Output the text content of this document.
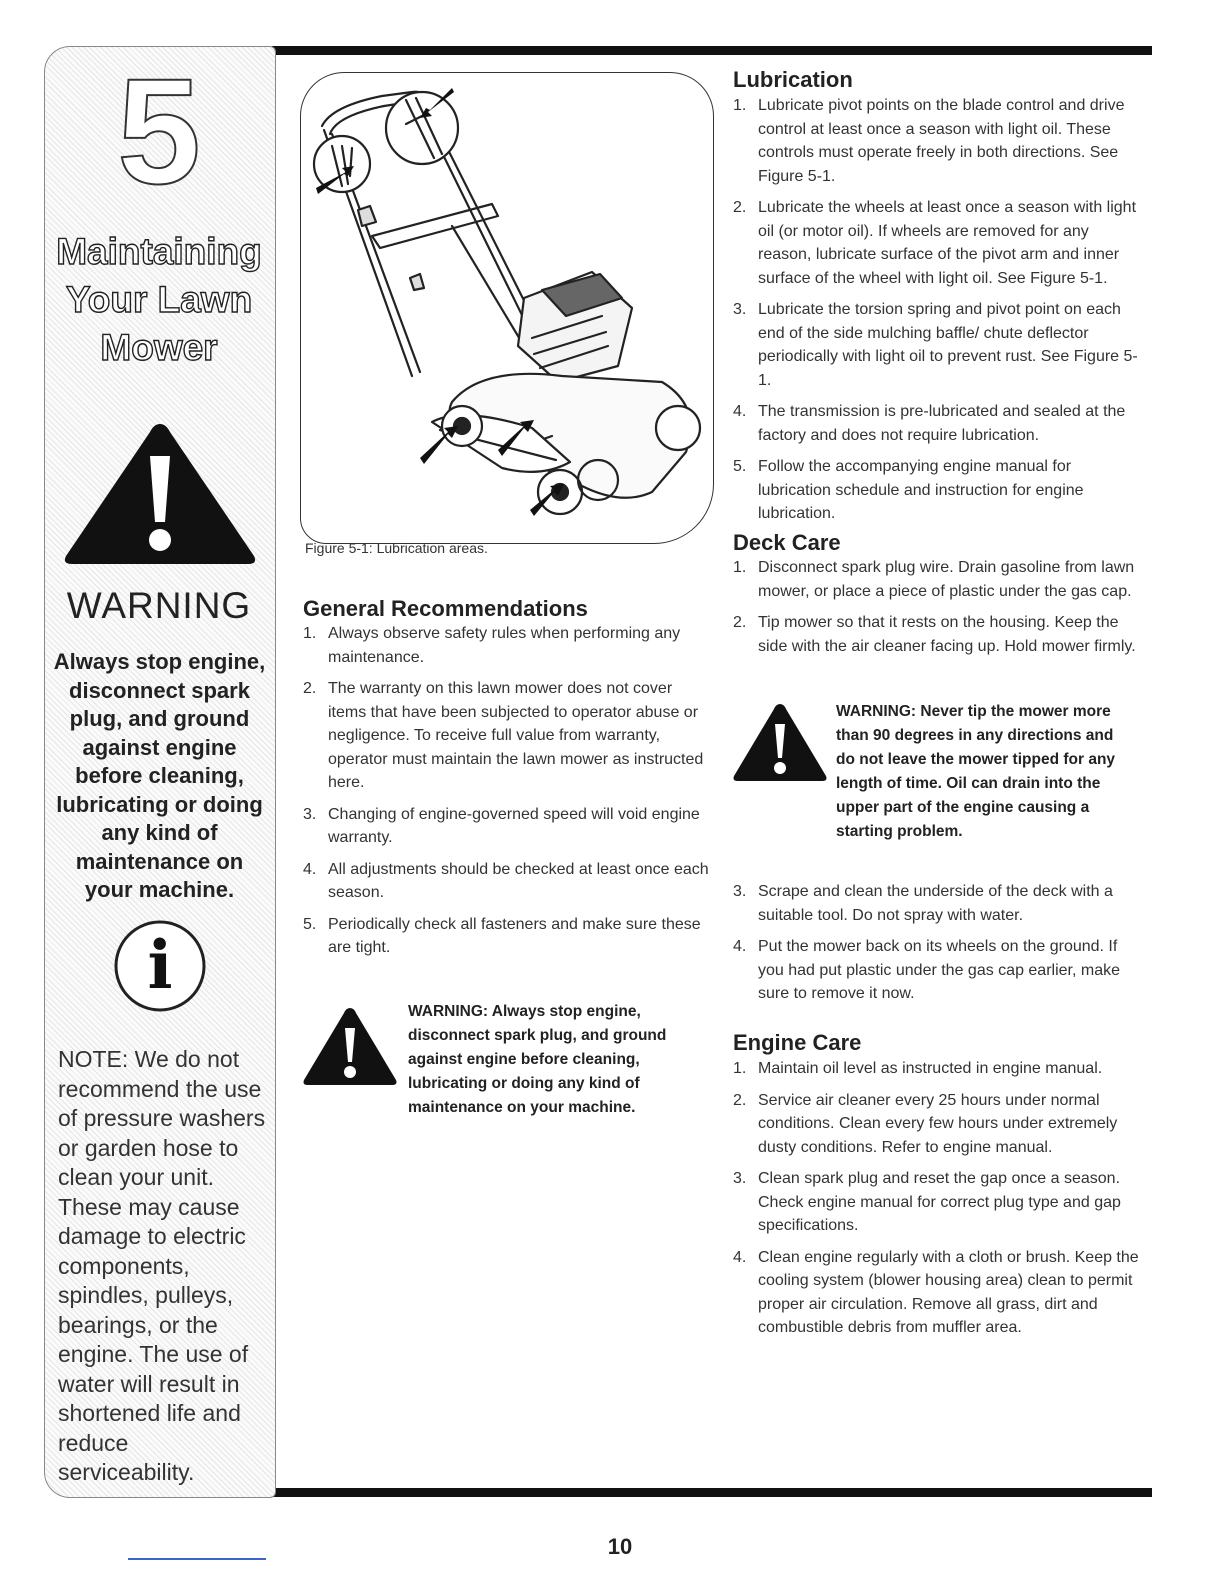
5
Maintaining
Your Lawn
Mower
WARNING
Always stop engine, disconnect spark plug, and ground against engine before cleaning, lubricating or doing any kind of maintenance on your machine.
i
NOTE: We do not recommend the use of pressure washers or garden hose to clean your unit. These may cause damage to electric components, spindles, pulleys, bearings, or the engine. The use of water will result in shortened life and reduce serviceability.
Figure 5-1: Lubrication areas.
General Recommendations
1. Always observe safety rules when performing any maintenance.
2. The warranty on this lawn mower does not cover items that have been subjected to operator abuse or negligence. To receive full value from warranty, operator must maintain the lawn mower as instructed here.
3. Changing of engine-governed speed will void engine warranty.
4. All adjustments should be checked at least once each season.
5. Periodically check all fasteners and make sure these are tight.
WARNING: Always stop engine, disconnect spark plug, and ground against engine before cleaning, lubricating or doing any kind of maintenance on your machine.
Lubrication
1. Lubricate pivot points on the blade control and drive control at least once a season with light oil. These controls must operate freely in both directions. See Figure 5-1.
2. Lubricate the wheels at least once a season with light oil (or motor oil). If wheels are removed for any reason, lubricate surface of the pivot arm and inner surface of the wheel with light oil. See Figure 5-1.
3. Lubricate the torsion spring and pivot point on each end of the side mulching baffle/ chute deflector periodically with light oil to prevent rust. See Figure 5-1.
4. The transmission is pre-lubricated and sealed at the factory and does not require lubrication.
5. Follow the accompanying engine manual for lubrication schedule and instruction for engine lubrication.
Deck Care
1. Disconnect spark plug wire. Drain gasoline from lawn mower, or place a piece of plastic under the gas cap.
2. Tip mower so that it rests on the housing. Keep the side with the air cleaner facing up. Hold mower firmly.
WARNING: Never tip the mower more than 90 degrees in any directions and do not leave the mower tipped for any length of time. Oil can drain into the upper part of the engine causing a starting problem.
3. Scrape and clean the underside of the deck with a suitable tool. Do not spray with water.
4. Put the mower back on its wheels on the ground. If you had put plastic under the gas cap earlier, make sure to remove it now.
Engine Care
1. Maintain oil level as instructed in engine manual.
2. Service air cleaner every 25 hours under normal conditions. Clean every few hours under extremely dusty conditions. Refer to engine manual.
3. Clean spark plug and reset the gap once a season. Check engine manual for correct plug type and gap specifications.
4. Clean engine regularly with a cloth or brush. Keep the cooling system (blower housing area) clean to permit proper air circulation. Remove all grass, dirt and combustible debris from muffler area.
10
